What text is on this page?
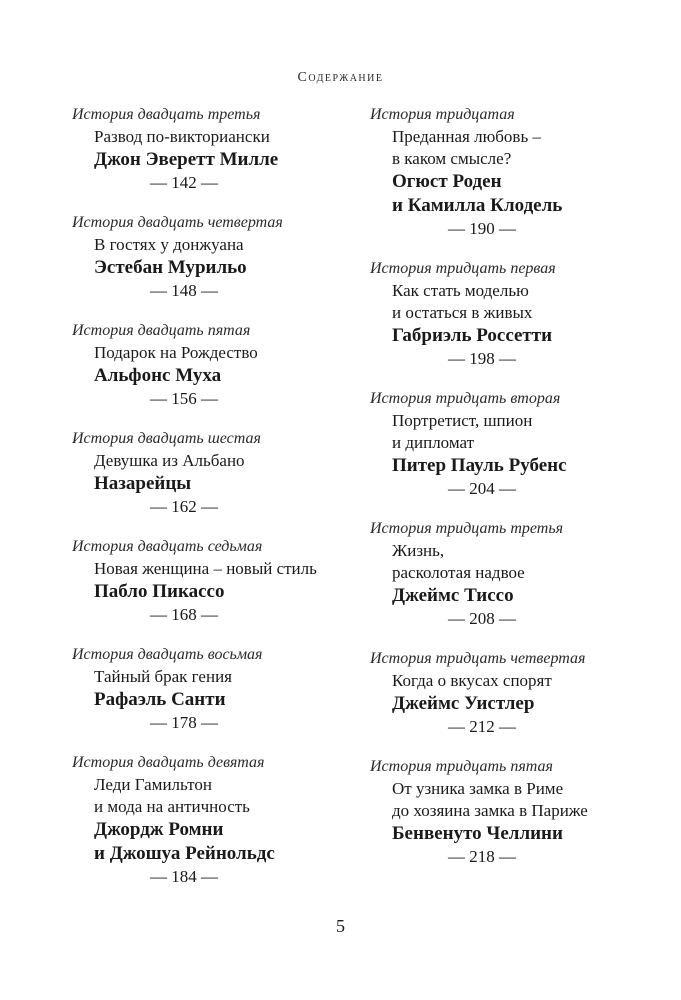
Содержание
История двадцать третья
Развод по-викториански
Джон Эверетт Милле
— 142 —
История двадцать четвертая
В гостях у донжуана
Эстебан Мурильо
— 148 —
История двадцать пятая
Подарок на Рождество
Альфонс Муха
— 156 —
История двадцать шестая
Девушка из Альбано
Назарейцы
— 162 —
История двадцать седьмая
Новая женщина – новый стиль
Пабло Пикассо
— 168 —
История двадцать восьмая
Тайный брак гения
Рафаэль Санти
— 178 —
История двадцать девятая
Леди Гамильтон
и мода на античность
Джордж Ромни
и Джошуа Рейнольдс
— 184 —
История тридцатая
Преданная любовь –
в каком смысле?
Огюст Роден
и Камилла Клодель
— 190 —
История тридцать первая
Как стать моделью
и остаться в живых
Габриэль Россетти
— 198 —
История тридцать вторая
Портретист, шпион
и дипломат
Питер Пауль Рубенс
— 204 —
История тридцать третья
Жизнь,
расколотая надвое
Джеймс Тиссо
— 208 —
История тридцать четвертая
Когда о вкусах спорят
Джеймс Уистлер
— 212 —
История тридцать пятая
От узника замка в Риме
до хозяина замка в Париже
Бенвенуто Челлини
— 218 —
5
